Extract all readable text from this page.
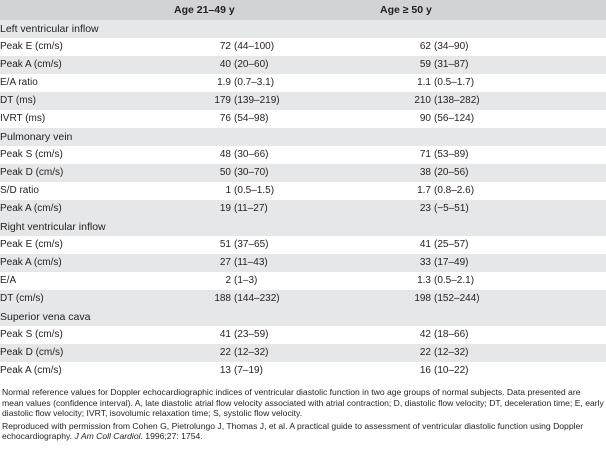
	Age 21–49 y	Age ≥ 50 y
Left ventricular inflow		
Peak E (cm/s)	72 (44–100)	62 (34–90)
Peak A (cm/s)	40 (20–60)	59 (31–87)
E/A ratio	1.9 (0.7–3.1)	1.1 (0.5–1.7)
DT (ms)	179 (139–219)	210 (138–282)
IVRT (ms)	76 (54–98)	90 (56–124)
Pulmonary vein		
Peak S (cm/s)	48 (30–66)	71 (53–89)
Peak D (cm/s)	50 (30–70)	38 (20–56)
S/D ratio	1 (0.5–1.5)	1.7 (0.8–2.6)
Peak A (cm/s)	19 (11–27)	23 (−5–51)
Right ventricular inflow		
Peak E (cm/s)	51 (37–65)	41 (25–57)
Peak A (cm/s)	27 (11–43)	33 (17–49)
E/A	2 (1–3)	1.3 (0.5–2.1)
DT (cm/s)	188 (144–232)	198 (152–244)
Superior vena cava		
Peak S (cm/s)	41 (23–59)	42 (18–66)
Peak D (cm/s)	22 (12–32)	22 (12–32)
Peak A (cm/s)	13 (7–19)	16 (10–22)

Normal reference values for Doppler echocardiographic indices of ventricular diastolic function in two age groups of normal subjects. Data presented are mean values (confidence interval). A, late diastolic atrial flow velocity associated with atrial contraction; D, diastolic flow velocity; DT, deceleration time; E, early diastolic flow velocity; IVRT, isovolumic relaxation time; S, systolic flow velocity.

Reproduced with permission from Cohen G, Pietrolungo J, Thomas J, et al. A practical guide to assessment of ventricular diastolic function using Doppler echocardiography. J Am Coll Cardiol. 1996;27: 1754.
